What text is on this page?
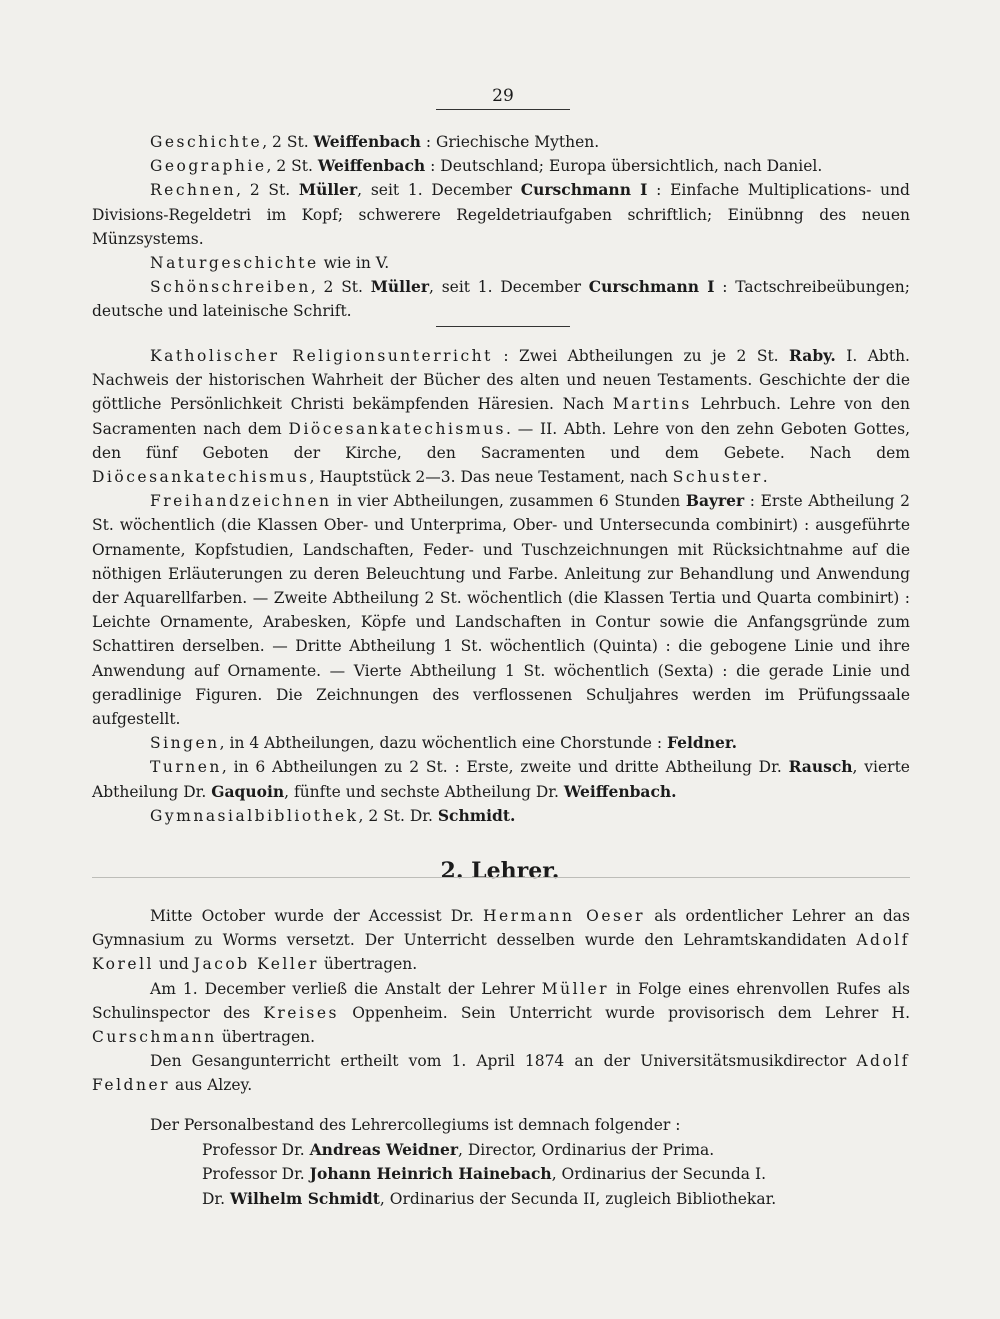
29

Geschichte, 2 St. Weiffenbach : Griechische Mythen.

Geographie, 2 St. Weiffenbach : Deutschland; Europa übersichtlich, nach Daniel.

Rechnen, 2 St. Müller, seit 1. December Curschmann I : Einfache Multiplications- und Divisions-Regeldetri im Kopf; schwerere Regeldetriaufgaben schriftlich; Einübnng des neuen Münzsystems.

Naturgeschichte wie in V.

Schönschreiben, 2 St. Müller, seit 1. December Curschmann I : Tactschreibeübungen; deutsche und lateinische Schrift.

Katholischer Religionsunterricht : Zwei Abtheilungen zu je 2 St. Raby. I. Abth. Nachweis der historischen Wahrheit der Bücher des alten und neuen Testaments. Geschichte der die göttliche Persönlichkeit Christi bekämpfenden Häresien. Nach Martins Lehrbuch. Lehre von den Sacramenten nach dem Diöcesankatechismus. — II. Abth. Lehre von den zehn Geboten Gottes, den fünf Geboten der Kirche, den Sacramenten und dem Gebete. Nach dem Diöcesankatechismus, Hauptstück 2—3. Das neue Testament, nach Schuster.

Freihandzeichnen in vier Abtheilungen, zusammen 6 Stunden Bayrer : Erste Abtheilung 2 St. wöchentlich (die Klassen Ober- und Unterprima, Ober- und Untersecunda combinirt) : ausgeführte Ornamente, Kopfstudien, Landschaften, Feder- und Tuschzeichnungen mit Rücksichtnahme auf die nöthigen Erläuterungen zu deren Beleuchtung und Farbe. Anleitung zur Behandlung und Anwendung der Aquarellfarben. — Zweite Abtheilung 2 St. wöchentlich (die Klassen Tertia und Quarta combinirt) : Leichte Ornamente, Arabesken, Köpfe und Landschaften in Contur sowie die Anfangsgründe zum Schattiren derselben. — Dritte Abtheilung 1 St. wöchentlich (Quinta) : die gebogene Linie und ihre Anwendung auf Ornamente. — Vierte Abtheilung 1 St. wöchentlich (Sexta) : die gerade Linie und geradlinige Figuren. Die Zeichnungen des verflossenen Schuljahres werden im Prüfungssaale aufgestellt.

Singen, in 4 Abtheilungen, dazu wöchentlich eine Chorstunde : Feldner.

Turnen, in 6 Abtheilungen zu 2 St. : Erste, zweite und dritte Abtheilung Dr. Rausch, vierte Abtheilung Dr. Gaquoin, fünfte und sechste Abtheilung Dr. Weiffenbach.

Gymnasialbibliothek, 2 St. Dr. Schmidt.

2. Lehrer.

Mitte October wurde der Accessist Dr. Hermann Oeser als ordentlicher Lehrer an das Gymnasium zu Worms versetzt. Der Unterricht desselben wurde den Lehramtskandidaten Adolf Korell und Jacob Keller übertragen.

Am 1. December verließ die Anstalt der Lehrer Müller in Folge eines ehrenvollen Rufes als Schulinspector des Kreises Oppenheim. Sein Unterricht wurde provisorisch dem Lehrer H. Curschmann übertragen.

Den Gesangunterricht ertheilt vom 1. April 1874 an der Universitätsmusikdirector Adolf Feldner aus Alzey.

Der Personalbestand des Lehrercollegiums ist demnach folgender :

Professor Dr. Andreas Weidner, Director, Ordinarius der Prima.

Professor Dr. Johann Heinrich Hainebach, Ordinarius der Secunda I.

Dr. Wilhelm Schmidt, Ordinarius der Secunda II, zugleich Bibliothekar.
